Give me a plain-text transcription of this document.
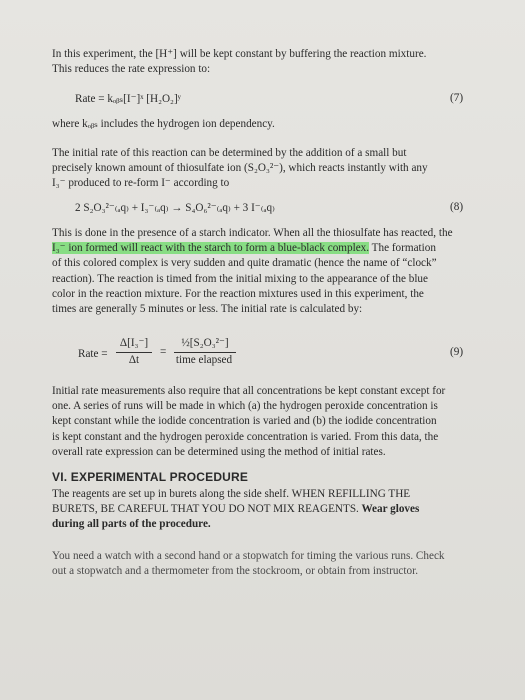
In this experiment, the [H⁺] will be kept constant by buffering the reaction mixture.
This reduces the rate expression to:
Rate = kₒᵦₛ[I⁻]ˣ [H₂O₂]ʸ	(7)
where kₒᵦₛ includes the hydrogen ion dependency.
The initial rate of this reaction can be determined by the addition of a small but
precisely known amount of thiosulfate ion (S₂O₃²⁻), which reacts instantly with any
I₃⁻ produced to re-form I⁻ according to
2 S₂O₃²⁻₍ₐq₎ + I₃⁻₍ₐq₎ → S₄O₆²⁻₍ₐq₎ + 3 I⁻₍ₐq₎	(8)
This is done in the presence of a starch indicator. When all the thiosulfate has reacted, the
I₃⁻ ion formed will react with the starch to form a blue-black complex. The formation
of this colored complex is very sudden and quite dramatic (hence the name of “clock”
reaction). The reaction is timed from the initial mixing to the appearance of the blue
color in the reaction mixture. For the reaction mixtures used in this experiment, the
times are generally 5 minutes or less. The initial rate is calculated by:
Rate =
Δ[I₃⁻]
Δt
=
½[S₂O₃²⁻]
time elapsed
(9)
Initial rate measurements also require that all concentrations be kept constant except for
one. A series of runs will be made in which (a) the hydrogen peroxide concentration is
kept constant while the iodide concentration is varied and (b) the iodide concentration
is kept constant and the hydrogen peroxide concentration is varied. From this data, the
overall rate expression can be determined using the method of initial rates.
VI. EXPERIMENTAL PROCEDURE
The reagents are set up in burets along the side shelf. WHEN REFILLING THE
BURETS, BE CAREFUL THAT YOU DO NOT MIX REAGENTS. Wear gloves
during all parts of the procedure.
You need a watch with a second hand or a stopwatch for timing the various runs. Check
out a stopwatch and a thermometer from the stockroom, or obtain from instructor.
